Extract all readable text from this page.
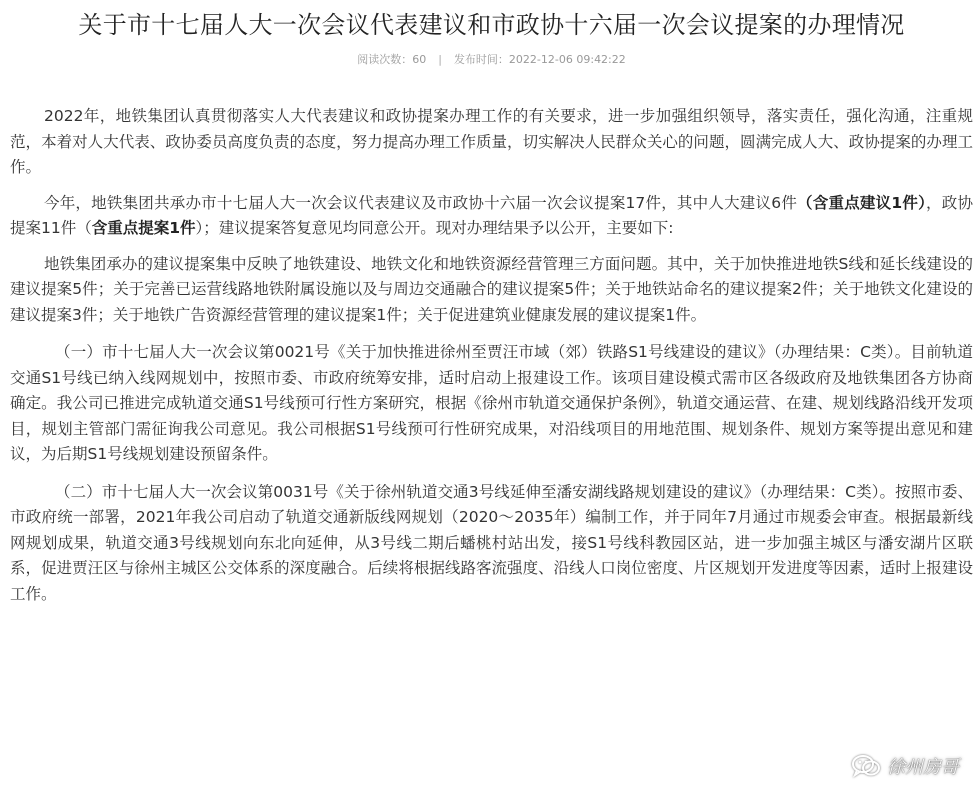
关于市十七届人大一次会议代表建议和市政协十六届一次会议提案的办理情况
阅读次数：60 | 发布时间：2022-12-06 09:42:22

2022年，地铁集团认真贯彻落实人大代表建议和政协提案办理工作的有关要求，进一步加强组织领导，落实责任，强化沟通，注重规范，本着对人大代表、政协委员高度负责的态度，努力提高办理工作质量，切实解决人民群众关心的问题，圆满完成人大、政协提案的办理工作。

今年，地铁集团共承办市十七届人大一次会议代表建议及市政协十六届一次会议提案17件，其中人大建议6件（含重点建议1件），政协提案11件（含重点提案1件）；建议提案答复意见均同意公开。现对办理结果予以公开，主要如下:

地铁集团承办的建议提案集中反映了地铁建设、地铁文化和地铁资源经营管理三方面问题。其中，关于加快推进地铁S线和延长线建设的建议提案5件；关于完善已运营线路地铁附属设施以及与周边交通融合的建议提案5件；关于地铁站命名的建议提案2件；关于地铁文化建设的建议提案3件；关于地铁广告资源经营管理的建议提案1件；关于促进建筑业健康发展的建议提案1件。

（一）市十七届人大一次会议第0021号《关于加快推进徐州至贾汪市域（郊）铁路S1号线建设的建议》（办理结果：C类）。目前轨道交通S1号线已纳入线网规划中，按照市委、市政府统筹安排，适时启动上报建设工作。该项目建设模式需市区各级政府及地铁集团各方协商确定。我公司已推进完成轨道交通S1号线预可行性方案研究，根据《徐州市轨道交通保护条例》，轨道交通运营、在建、规划线路沿线开发项目，规划主管部门需征询我公司意见。我公司根据S1号线预可行性研究成果，对沿线项目的用地范围、规划条件、规划方案等提出意见和建议，为后期S1号线规划建设预留条件。

（二）市十七届人大一次会议第0031号《关于徐州轨道交通3号线延伸至潘安湖线路规划建设的建议》（办理结果：C类）。按照市委、市政府统一部署，2021年我公司启动了轨道交通新版线网规划（2020～2035年）编制工作，并于同年7月通过市规委会审查。根据最新线网规划成果，轨道交通3号线规划向东北向延伸，从3号线二期后蟠桃村站出发，接S1号线科教园区站，进一步加强主城区与潘安湖片区联系，促进贾汪区与徐州主城区公交体系的深度融合。后续将根据线路客流强度、沿线人口岗位密度、片区规划开发进度等因素，适时上报建设工作。

徐州房哥
